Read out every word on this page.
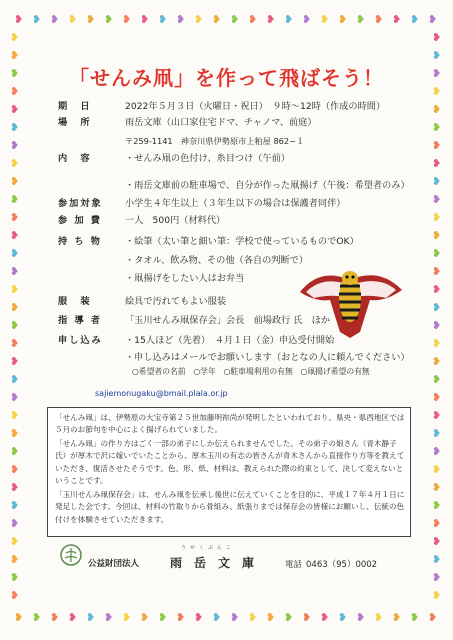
❥
❥
❥
❥
❥
❥
❥
❥
❥
❥
❥
❥
❥
❥
❥
❥
❥
❥
❥
❥
❥
❥
❥
❥
❥
❥
❥
❥
❥
❥
❥
❥
❥
❥
❥
❥
❥
❥
❥
❥
❥
❥
❥
❥
❥
❥
❥
❥
❥	❥
❥	❥
❥	❥
❥	❥
❥	❥
❥	❥
❥	❥
❥	❥
❥	❥
❥	❥
❥	❥
❥	❥
❥	❥
❥	❥
❥	❥
❥	❥
❥	❥
❥	❥
❥	❥
❥	❥
❥	❥
❥	❥
❥	❥
❥	❥
❥	❥
❥	❥
❥	❥
❥	❥
❥	❥
❥	❥
❥	❥
❥	❥
「せんみ凧」を作って飛ばそう！
期　日	2022年５月３日（火曜日・祝日）　９時～12時（作成の時間）
場　所	雨岳文庫（山口家住宅ドマ、チャノマ、前庭）
〒259-1141　神奈川県伊勢原市上粕屋 862−１
内　容	・せんみ凧の色付け、糸目つけ（午前）
・雨岳文庫前の駐車場で、自分が作った凧揚げ（午後：希望者のみ）
参加対象	小学生４年生以上（３年生以下の場合は保護者同伴）
参 加 費	一人　500円（材料代）
持 ち 物	・絵筆（太い筆と細い筆：学校で使っているものでOK）
・タオル、飲み物、その他（各自の判断で）
・凧揚げをしたい人はお弁当
服　装	絵具で汚れてもよい服装
指 導 者	「玉川せんみ凧保存会」会長　前場政行 氏　ほか
申し込み	・15人ほど（先着）　４月１日（金）申込受付開始
・申し込みはメールでお願いします（おとなの人に頼んでください）
○希望者の名前　○学年　○駐車場利用の有無　○凧揚げ希望の有無
sajiemonugaku@bmail.plala.or.jp
「せんみ凧」は、伊勢原の大宝寺第２５世加藤明祢尚が発明したといわれており、県央・県西地区では５月のお節句を中心によく揚げられていました。
「せんみ凧」の作り方はごく一部の弟子にしか伝えられませんでした。その弟子の娘さん（青木静子氏）が厚木で沢に嫁いでいたことから、厚木玉川の有志の皆さんが青木さんから直接作り方等を教えていただき、復活させたそうです。色、形、紙、材料は、教えられた際の約束として、決して変えないということです。
「玉川せんみ凧保存会」は、せんみ凧を伝承し後世に伝えていくことを目的に、平成１７年４月１日に発足した会です。今回は、材料の竹取りから骨組み、紙張りまでは保存会の皆様にお願いし、伝統の色付けを体験させていただきます。
公益財団法人
うがくぶんこ
雨　岳　文　庫	電話 0463（95）0002
